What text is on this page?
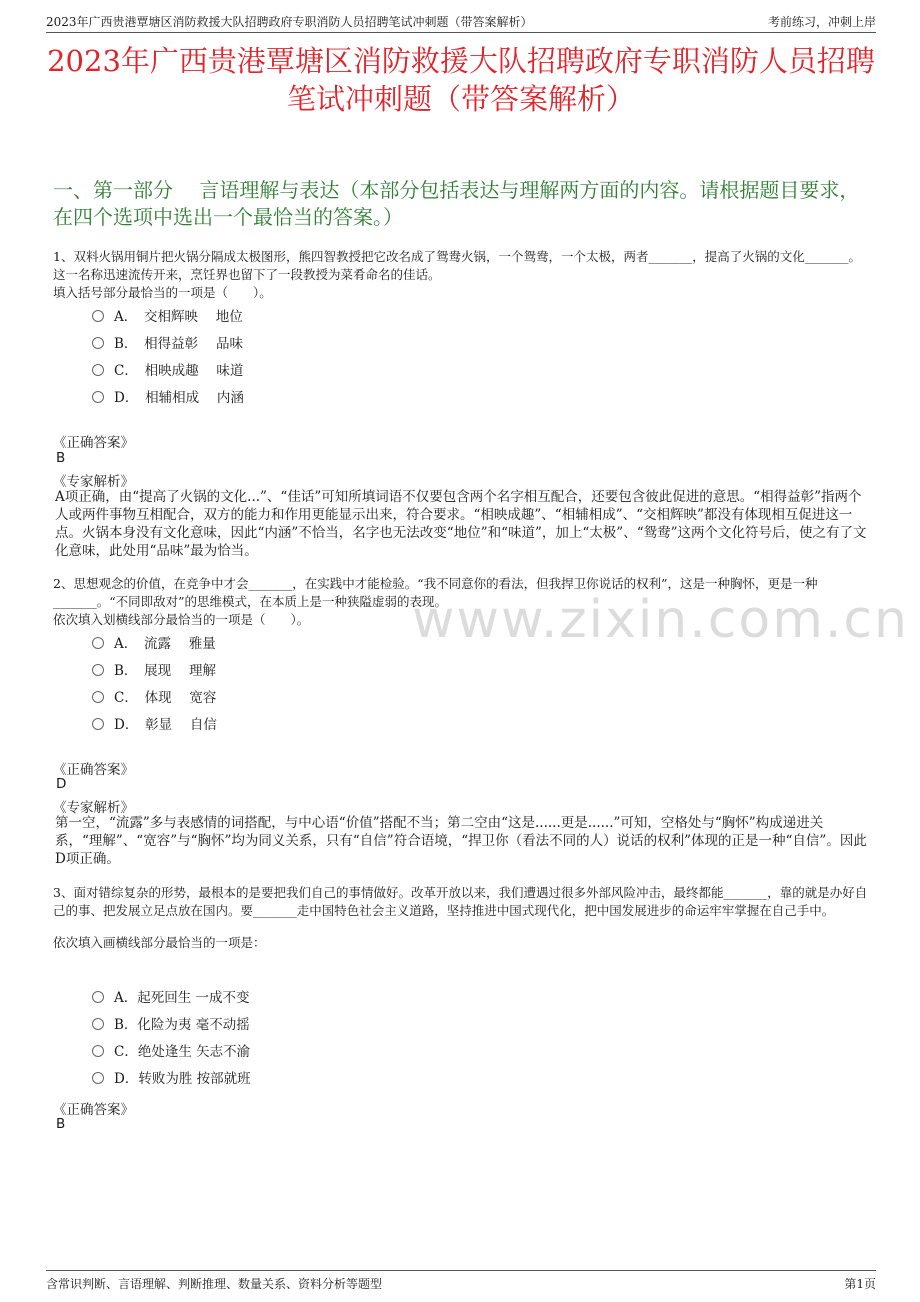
2023年广西贵港覃塘区消防救援大队招聘政府专职消防人员招聘笔试冲刺题（带答案解析）	考前练习，冲刺上岸
2023年广西贵港覃塘区消防救援大队招聘政府专职消防人员招聘笔试冲刺题（带答案解析）
一、第一部分　 言语理解与表达（本部分包括表达与理解两方面的内容。请根据题目要求，在四个选项中选出一个最恰当的答案。）
1、双料火锅用铜片把火锅分隔成太极图形，熊四智教授把它改名成了鸳鸯火锅，一个鸳鸯，一个太极，两者_______，提高了火锅的文化_______。这一名称迅速流传开来，烹饪界也留下了一段教授为菜肴命名的佳话。
填入括号部分最恰当的一项是（　　）。
A．　交相辉映　 地位
B．　相得益彰　 品味
C．　相映成趣　 味道
D．　相辅相成　 内涵
《正确答案》
B
《专家解析》
A项正确，由“提高了火锅的文化...”、“佳话”可知所填词语不仅要包含两个名字相互配合，还要包含彼此促进的意思。“相得益彰”指两个人或两件事物互相配合，双方的能力和作用更能显示出来，符合要求。“相映成趣”、“相辅相成”、“交相辉映”都没有体现相互促进这一点。火锅本身没有文化意味，因此“内涵”不恰当，名字也无法改变“地位”和“味道”，加上“太极”、“鸳鸯”这两个文化符号后，使之有了文化意味，此处用“品味”最为恰当。
2、思想观念的价值，在竞争中才会_______，在实践中才能检验。“我不同意你的看法，但我捍卫你说话的权利”，这是一种胸怀，更是一种_______。“不同即敌对”的思维模式，在本质上是一种狭隘虚弱的表现。
依次填入划横线部分最恰当的一项是（　　）。
A．　流露　 雅量
B．　展现　 理解
C．　体现　 宽容
D．　彰显　 自信
《正确答案》
D
《专家解析》
第一空，“流露”多与表感情的词搭配，与中心语“价值”搭配不当；第二空由“这是......更是......”可知，空格处与“胸怀”构成递进关系，“理解”、“宽容”与“胸怀”均为同义关系，只有“自信”符合语境，“捍卫你（看法不同的人）说话的权利”体现的正是一种“自信”。因此D项正确。
3、面对错综复杂的形势，最根本的是要把我们自己的事情做好。改革开放以来，我们遭遇过很多外部风险冲击，最终都能_______，靠的就是办好自己的事、把发展立足点放在国内。要_______走中国特色社会主义道路，坚持推进中国式现代化，把中国发展进步的命运牢牢掌握在自己手中。
依次填入画横线部分最恰当的一项是：
A．起死回生 一成不变
B．化险为夷 毫不动摇
C．绝处逢生 矢志不渝
D．转败为胜 按部就班
《正确答案》
B
www.zixin.com.cn
含常识判断、言语理解、判断推理、数量关系、资料分析等题型	第1页
